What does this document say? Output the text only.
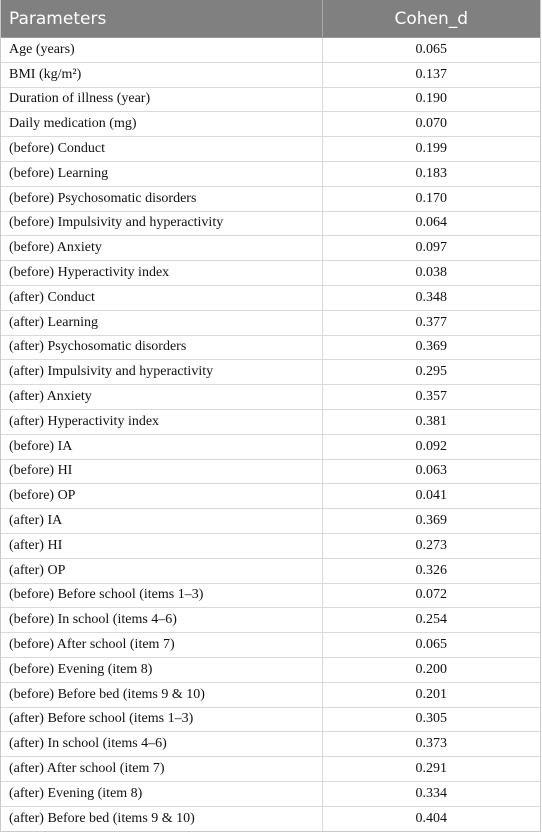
Parameters	Cohen_d
Age (years)	0.065
BMI (kg/m²)	0.137
Duration of illness (year)	0.190
Daily medication (mg)	0.070
(before) Conduct	0.199
(before) Learning	0.183
(before) Psychosomatic disorders	0.170
(before) Impulsivity and hyperactivity	0.064
(before) Anxiety	0.097
(before) Hyperactivity index	0.038
(after) Conduct	0.348
(after) Learning	0.377
(after) Psychosomatic disorders	0.369
(after) Impulsivity and hyperactivity	0.295
(after) Anxiety	0.357
(after) Hyperactivity index	0.381
(before) IA	0.092
(before) HI	0.063
(before) OP	0.041
(after) IA	0.369
(after) HI	0.273
(after) OP	0.326
(before) Before school (items 1–3)	0.072
(before) In school (items 4–6)	0.254
(before) After school (item 7)	0.065
(before) Evening (item 8)	0.200
(before) Before bed (items 9 & 10)	0.201
(after) Before school (items 1–3)	0.305
(after) In school (items 4–6)	0.373
(after) After school (item 7)	0.291
(after) Evening (item 8)	0.334
(after) Before bed (items 9 & 10)	0.404
